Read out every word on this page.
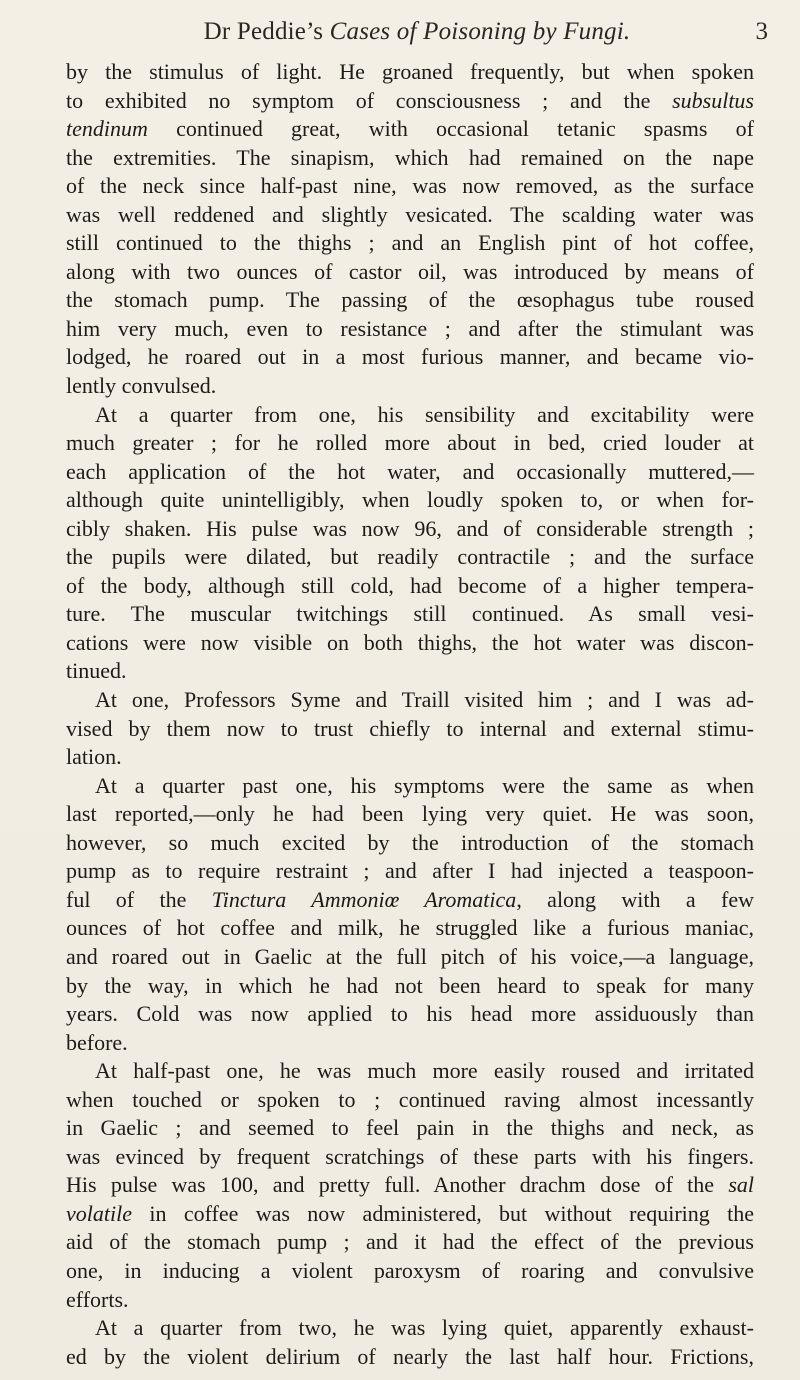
Dr Peddie’s Cases of Poisoning by Fungi.	3
by the stimulus of light. He groaned frequently, but when spoken
to exhibited no symptom of consciousness ; and the subsultus
tendinum continued great, with occasional tetanic spasms of
the extremities. The sinapism, which had remained on the nape
of the neck since half-past nine, was now removed, as the surface
was well reddened and slightly vesicated. The scalding water was
still continued to the thighs ; and an English pint of hot coffee,
along with two ounces of castor oil, was introduced by means of
the stomach pump. The passing of the œsophagus tube roused
him very much, even to resistance ; and after the stimulant was
lodged, he roared out in a most furious manner, and became vio-
lently convulsed.
At a quarter from one, his sensibility and excitability were
much greater ; for he rolled more about in bed, cried louder at
each application of the hot water, and occasionally muttered,—
although quite unintelligibly, when loudly spoken to, or when for-
cibly shaken. His pulse was now 96, and of considerable strength ;
the pupils were dilated, but readily contractile ; and the surface
of the body, although still cold, had become of a higher tempera-
ture. The muscular twitchings still continued. As small vesi-
cations were now visible on both thighs, the hot water was discon-
tinued.
At one, Professors Syme and Traill visited him ; and I was ad-
vised by them now to trust chiefly to internal and external stimu-
lation.
At a quarter past one, his symptoms were the same as when
last reported,—only he had been lying very quiet. He was soon,
however, so much excited by the introduction of the stomach
pump as to require restraint ; and after I had injected a teaspoon-
ful of the Tinctura Ammoniœ Aromatica, along with a few
ounces of hot coffee and milk, he struggled like a furious maniac,
and roared out in Gaelic at the full pitch of his voice,—a language,
by the way, in which he had not been heard to speak for many
years. Cold was now applied to his head more assiduously than
before.
At half-past one, he was much more easily roused and irritated
when touched or spoken to ; continued raving almost incessantly
in Gaelic ; and seemed to feel pain in the thighs and neck, as
was evinced by frequent scratchings of these parts with his fingers.
His pulse was 100, and pretty full. Another drachm dose of the sal
volatile in coffee was now administered, but without requiring the
aid of the stomach pump ; and it had the effect of the previous
one, in inducing a violent paroxysm of roaring and convulsive
efforts.
At a quarter from two, he was lying quiet, apparently exhaust-
ed by the violent delirium of nearly the last half hour. Frictions,
